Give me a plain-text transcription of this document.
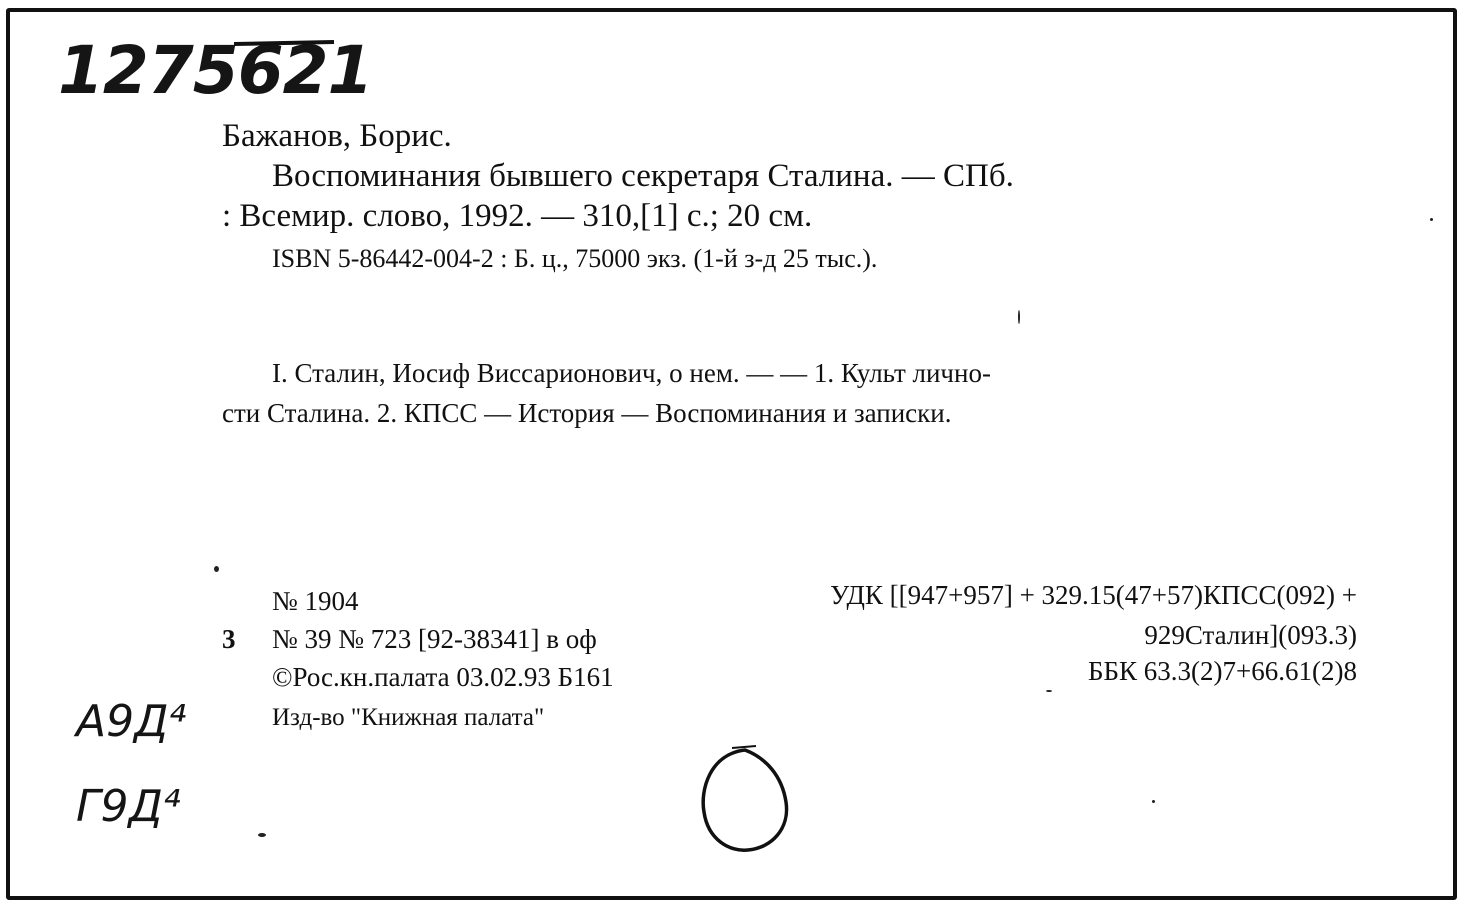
1275621
Бажанов, Борис.
Воспоминания бывшего секретаря Сталина. — СПб.
: Всемир. слово, 1992. — 310,[1] с.; 20 см.
ISBN 5-86442-004-2 : Б. ц., 75000 экз. (1-й з-д 25 тыс.).
I. Сталин, Иосиф Виссарионович, о нем. — — 1. Культ лично-
сти Сталина. 2. КПСС — История — Воспоминания и записки.
№ 1904	УДК [[947+957] + 329.15(47+57)КПСС(092) +
929Сталин](093.3)
ББК 63.3(2)7+66.61(2)8
3 № 39 № 723 [92-38341] в оф
©Рос.кн.палата 03.02.93 Б161
Изд-во "Книжная палата"
А9Д⁴
Г9Д⁴
